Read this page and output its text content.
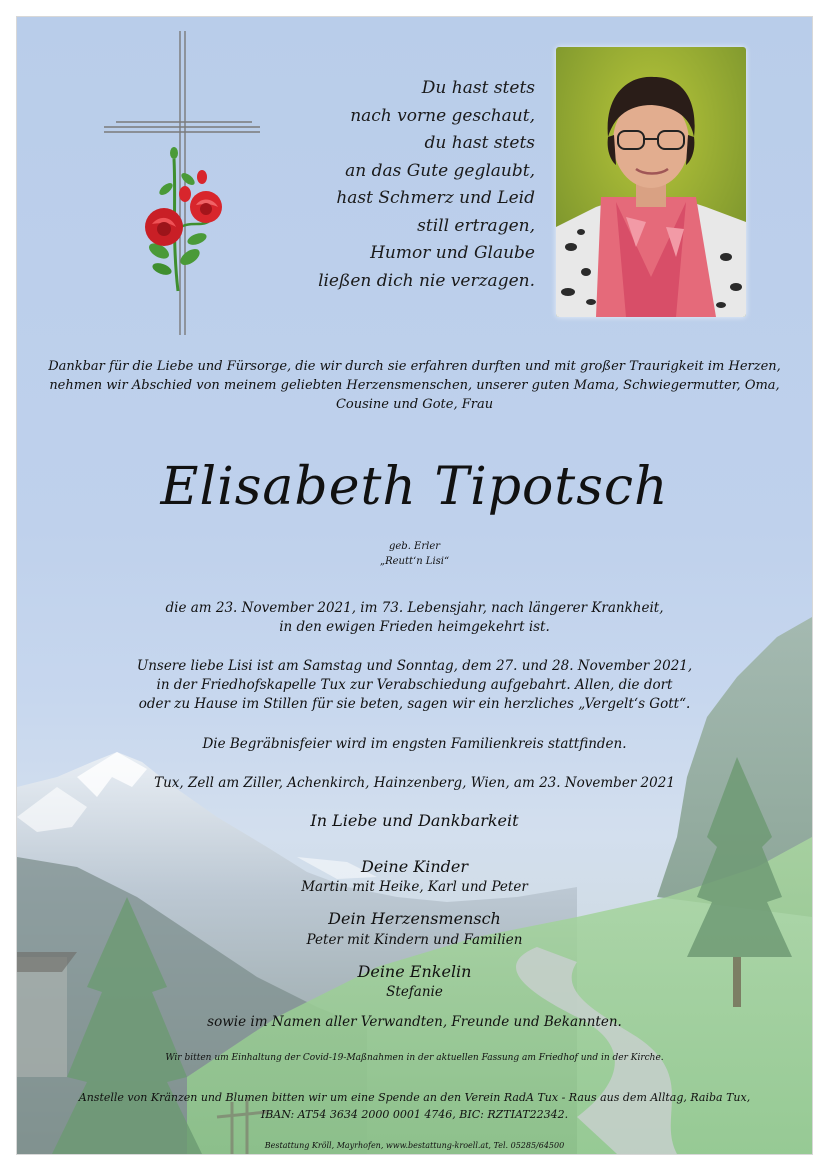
Du hast stets
nach vorne geschaut,
du hast stets
an das Gute geglaubt,
hast Schmerz und Leid
still ertragen,
Humor und Glaube
ließen dich nie verzagen.
Dankbar für die Liebe und Fürsorge, die wir durch sie erfahren durften und mit großer Traurigkeit im Herzen,
nehmen wir Abschied von meinem geliebten Herzensmenschen, unserer guten Mama, Schwiegermutter, Oma,
Cousine und Gote, Frau
Elisabeth Tipotsch
geb. Erler
„Reutt‘n Lisi“
die am 23. November 2021, im 73. Lebensjahr, nach längerer Krankheit,
in den ewigen Frieden heimgekehrt ist.
Unsere liebe Lisi ist am Samstag und Sonntag, dem 27. und 28. November 2021,
in der Friedhofskapelle Tux zur Verabschiedung aufgebahrt. Allen, die dort
oder zu Hause im Stillen für sie beten, sagen wir ein herzliches „Vergelt‘s Gott“.
Die Begräbnisfeier wird im engsten Familienkreis stattfinden.
Tux, Zell am Ziller, Achenkirch, Hainzenberg, Wien, am 23. November 2021
In Liebe und Dankbarkeit
Deine Kinder
Martin mit Heike, Karl und Peter
Dein Herzensmensch
Peter mit Kindern und Familien
Deine Enkelin
Stefanie
sowie im Namen aller Verwandten, Freunde und Bekannten.
Wir bitten um Einhaltung der Covid-19-Maßnahmen in der aktuellen Fassung am Friedhof und in der Kirche.
Anstelle von Kränzen und Blumen bitten wir um eine Spende an den Verein RadA Tux - Raus aus dem Alltag, Raiba Tux,
IBAN: AT54 3634 2000 0001 4746, BIC: RZTIAT22342.
Bestattung Kröll, Mayrhofen, www.bestattung-kroell.at, Tel. 05285/64500
